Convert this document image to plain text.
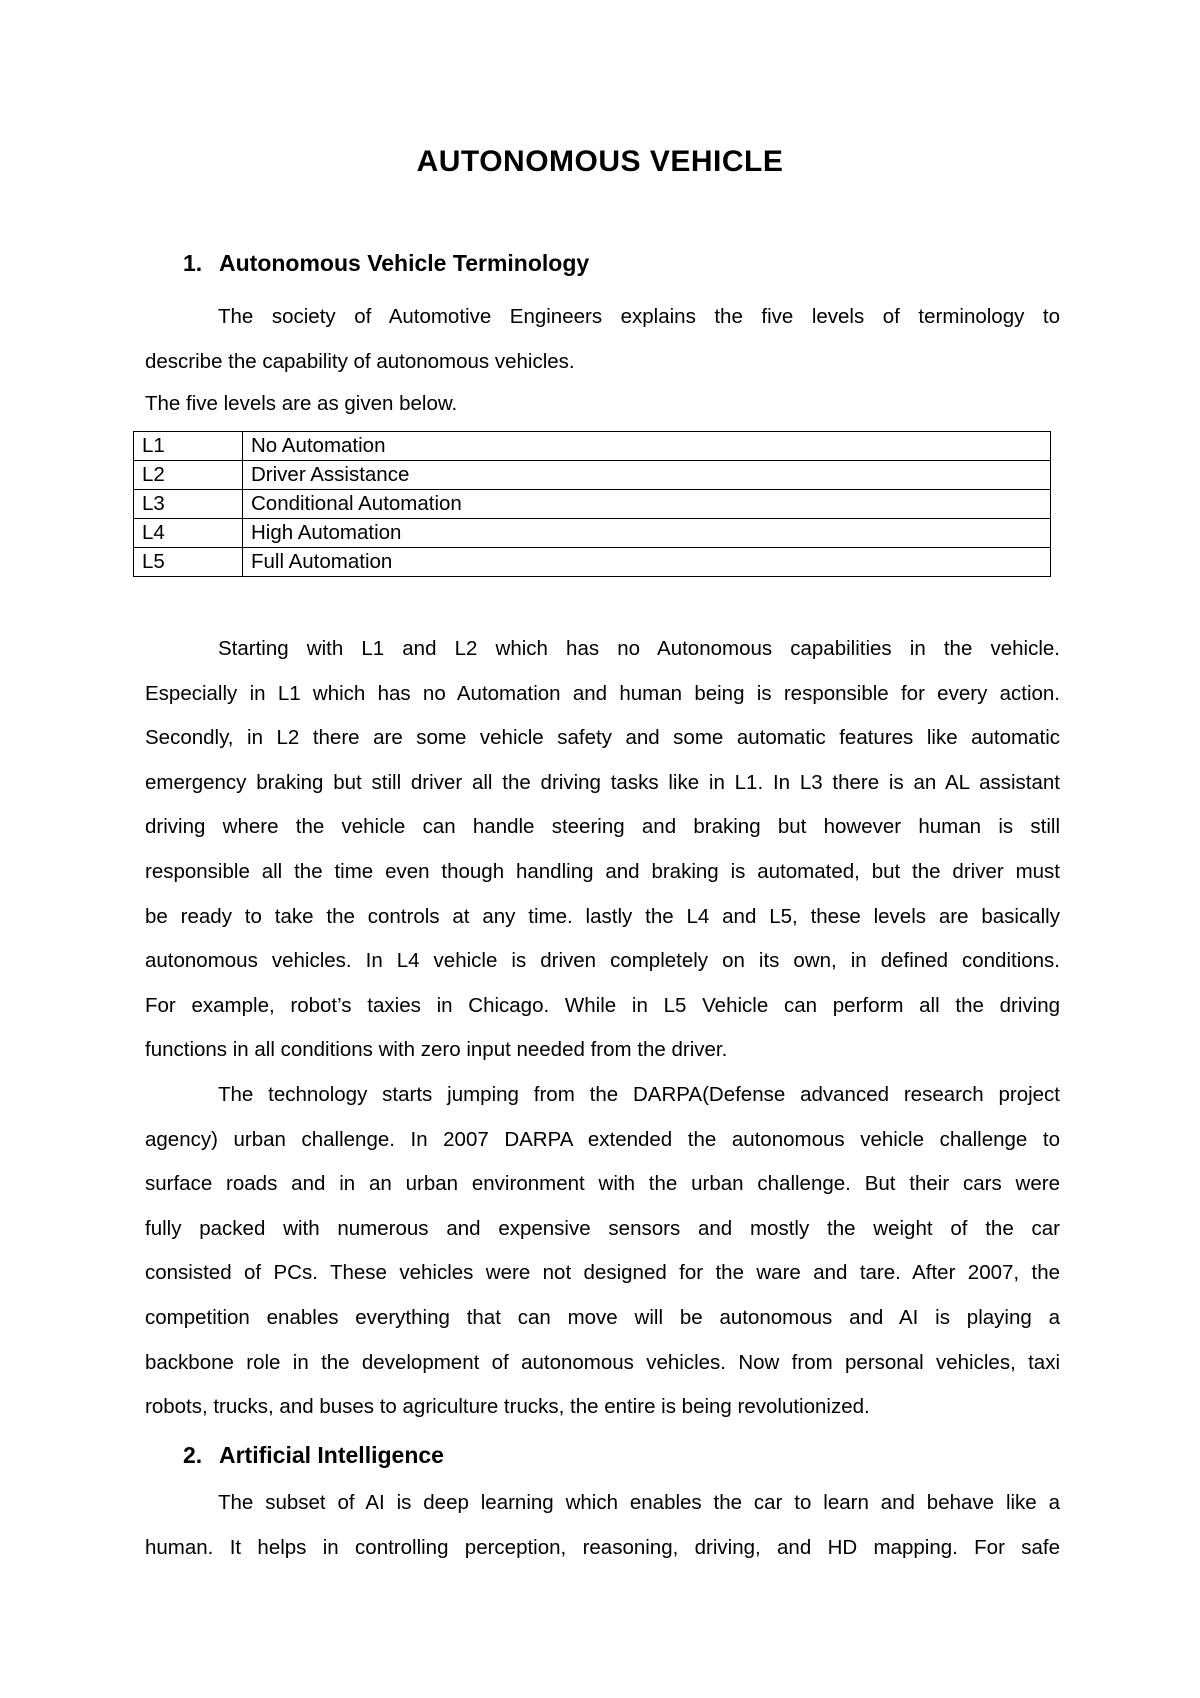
AUTONOMOUS VEHICLE
1. Autonomous Vehicle Terminology
The society of Automotive Engineers explains the five levels of terminology to
describe the capability of autonomous vehicles.
The five levels are as given below.
L1	No Automation
L2	Driver Assistance
L3	Conditional Automation
L4	High Automation
L5	Full Automation
Starting with L1 and L2 which has no Autonomous capabilities in the vehicle.
Especially in L1 which has no Automation and human being is responsible for every action.
Secondly, in L2 there are some vehicle safety and some automatic features like automatic
emergency braking but still driver all the driving tasks like in L1. In L3 there is an AL assistant
driving where the vehicle can handle steering and braking but however human is still
responsible all the time even though handling and braking is automated, but the driver must
be ready to take the controls at any time. lastly the L4 and L5, these levels are basically
autonomous vehicles. In L4 vehicle is driven completely on its own, in defined conditions.
For example, robot’s taxies in Chicago. While in L5 Vehicle can perform all the driving
functions in all conditions with zero input needed from the driver.
The technology starts jumping from the DARPA(Defense advanced research project
agency) urban challenge. In 2007 DARPA extended the autonomous vehicle challenge to
surface roads and in an urban environment with the urban challenge. But their cars were
fully packed with numerous and expensive sensors and mostly the weight of the car
consisted of PCs. These vehicles were not designed for the ware and tare. After 2007, the
competition enables everything that can move will be autonomous and AI is playing a
backbone role in the development of autonomous vehicles. Now from personal vehicles, taxi
robots, trucks, and buses to agriculture trucks, the entire is being revolutionized.
2. Artificial Intelligence
The subset of AI is deep learning which enables the car to learn and behave like a
human. It helps in controlling perception, reasoning, driving, and HD mapping. For safe
